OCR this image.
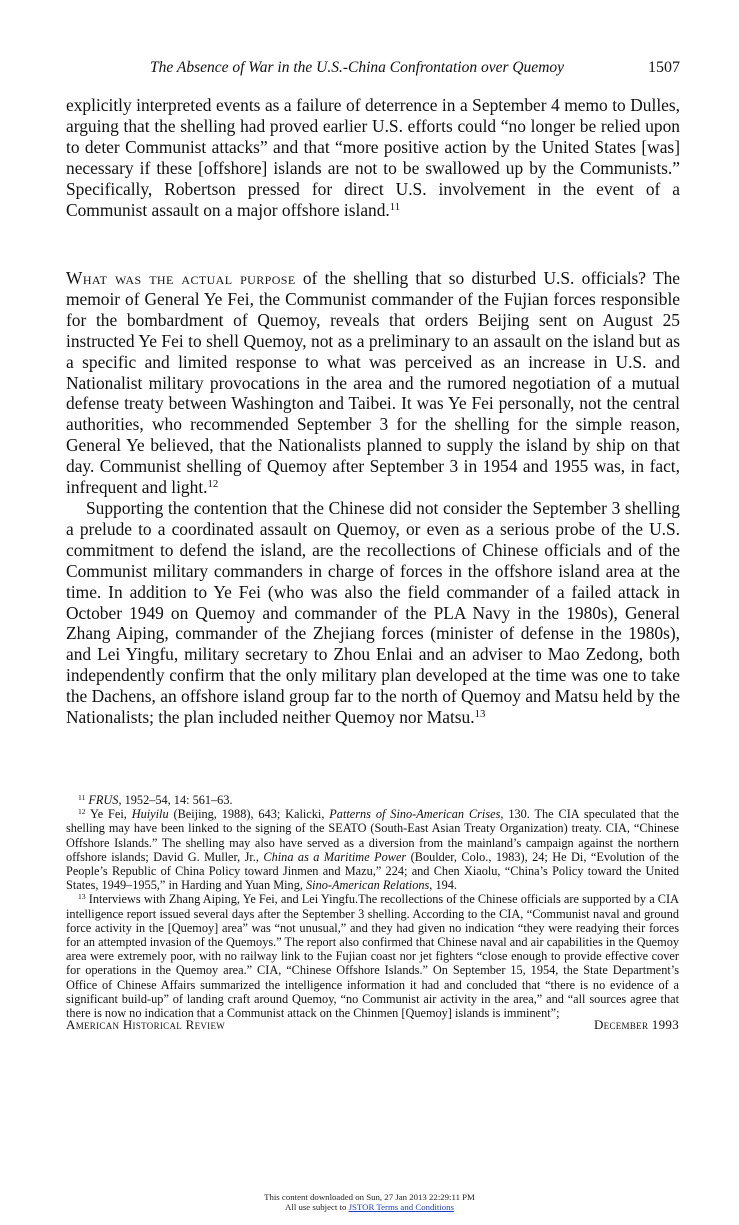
The Absence of War in the U.S.-China Confrontation over Quemoy	1507

explicitly interpreted events as a failure of deterrence in a September 4 memo to Dulles, arguing that the shelling had proved earlier U.S. efforts could “no longer be relied upon to deter Communist attacks” and that “more positive action by the United States [was] necessary if these [offshore] islands are not to be swallowed up by the Communists.” Specifically, Robertson pressed for direct U.S. involvement in the event of a Communist assault on a major offshore island.$^{11}$

What was the actual purpose of the shelling that so disturbed U.S. officials? The memoir of General Ye Fei, the Communist commander of the Fujian forces responsible for the bombardment of Quemoy, reveals that orders Beijing sent on August 25 instructed Ye Fei to shell Quemoy, not as a preliminary to an assault on the island but as a specific and limited response to what was perceived as an increase in U.S. and Nationalist military provocations in the area and the rumored negotiation of a mutual defense treaty between Washington and Taibei. It was Ye Fei personally, not the central authorities, who recommended September 3 for the shelling for the simple reason, General Ye believed, that the Nationalists planned to supply the island by ship on that day. Communist shelling of Quemoy after September 3 in 1954 and 1955 was, in fact, infrequent and light.$^{12}$

Supporting the contention that the Chinese did not consider the September 3 shelling a prelude to a coordinated assault on Quemoy, or even as a serious probe of the U.S. commitment to defend the island, are the recollections of Chinese officials and of the Communist military commanders in charge of forces in the offshore island area at the time. In addition to Ye Fei (who was also the field commander of a failed attack in October 1949 on Quemoy and commander of the PLA Navy in the 1980s), General Zhang Aiping, commander of the Zhejiang forces (minister of defense in the 1980s), and Lei Yingfu, military secretary to Zhou Enlai and an adviser to Mao Zedong, both independently confirm that the only military plan developed at the time was one to take the Dachens, an offshore island group far to the north of Quemoy and Matsu held by the Nationalists; the plan included neither Quemoy nor Matsu.$^{13}$

$^{11}$ FRUS, 1952–54, 14: 561–63.

$^{12}$ Ye Fei, Huiyilu (Beijing, 1988), 643; Kalicki, Patterns of Sino-American Crises, 130. The CIA speculated that the shelling may have been linked to the signing of the SEATO (South-East Asian Treaty Organization) treaty. CIA, “Chinese Offshore Islands.” The shelling may also have served as a diversion from the mainland’s campaign against the northern offshore islands; David G. Muller, Jr., China as a Maritime Power (Boulder, Colo., 1983), 24; He Di, “Evolution of the People’s Republic of China Policy toward Jinmen and Mazu,” 224; and Chen Xiaolu, “China’s Policy toward the United States, 1949–1955,” in Harding and Yuan Ming, Sino-American Relations, 194.

$^{13}$ Interviews with Zhang Aiping, Ye Fei, and Lei Yingfu.The recollections of the Chinese officials are supported by a CIA intelligence report issued several days after the September 3 shelling. According to the CIA, “Communist naval and ground force activity in the [Quemoy] area” was “not unusual,” and they had given no indication “they were readying their forces for an attempted invasion of the Quemoys.” The report also confirmed that Chinese naval and air capabilities in the Quemoy area were extremely poor, with no railway link to the Fujian coast nor jet fighters “close enough to provide effective cover for operations in the Quemoy area.” CIA, “Chinese Offshore Islands.” On September 15, 1954, the State Department’s Office of Chinese Affairs summarized the intelligence information it had and concluded that “there is no evidence of a significant build-up” of landing craft around Quemoy, “no Communist air activity in the area,” and “all sources agree that there is now no indication that a Communist attack on the Chinmen [Quemoy] islands is imminent”;

American Historical Review	December 1993
This content downloaded on Sun, 27 Jan 2013 22:29:11 PM
All use subject to JSTOR Terms and Conditions
